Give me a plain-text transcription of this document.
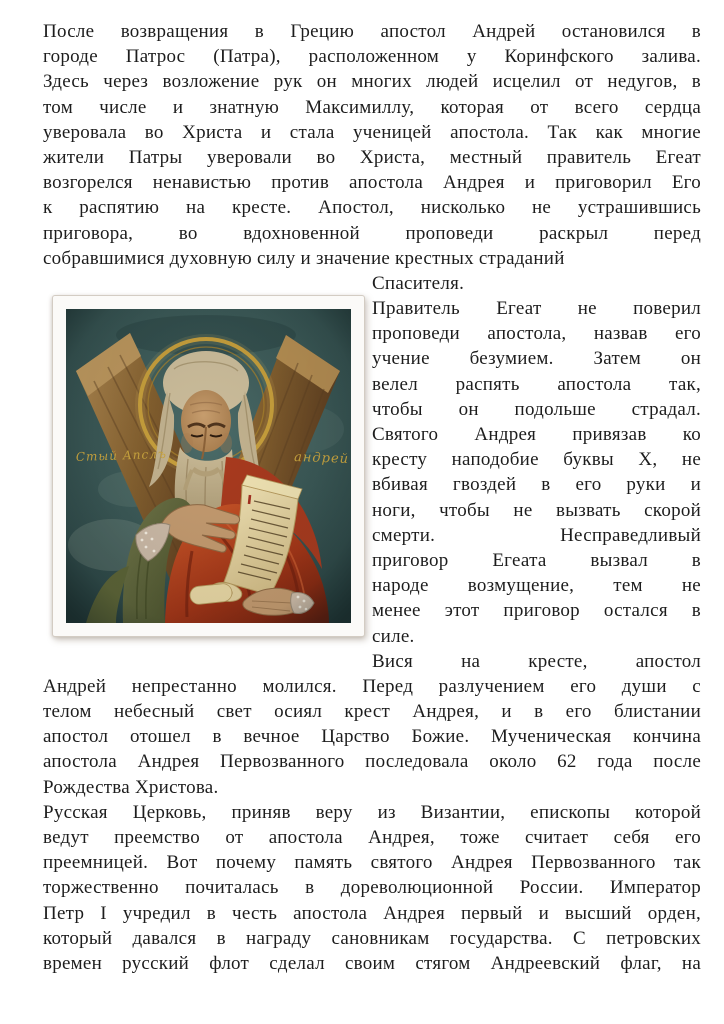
После возвращения в Грецию апостол Андрей остановился в
городе Патрос (Патра), расположенном у Коринфского залива.
Здесь через возложение рук он многих людей исцелил от недугов, в
том числе и знатную Максимиллу, которая от всего сердца
уверовала во Христа и стала ученицей апостола. Так как многие
жители Патры уверовали во Христа, местный правитель Егеат
возгорелся ненавистью против апостола Андрея и приговорил Его
к распятию на кресте. Апостол, нисколько не устрашившись
приговора, во вдохновенной проповеди раскрыл перед
собравшимися духовную силу и значение крестных страданий
Спасителя.
Правитель Егеат не поверил
проповеди апостола, назвав его
учение безумием. Затем он
велел распять апостола так,
чтобы он подольше страдал.
Святого Андрея привязав ко
кресту наподобие буквы Х, не
вбивая гвоздей в его руки и
ноги, чтобы не вызвать скорой
смерти. Несправедливый
приговор Егеата вызвал в
народе возмущение, тем не
менее этот приговор остался в
силе.
Вися на кресте, апостол
Андрей непрестанно молился. Перед разлучением его души с
телом небесный свет осиял крест Андрея, и в его блистании
апостол отошел в вечное Царство Божие. Мученическая кончина
апостола Андрея Первозванного последовала около 62 года после
Рождества Христова.
Русская Церковь, приняв веру из Византии, епископы которой
ведут преемство от апостола Андрея, тоже считает себя его
преемницей. Вот почему память святого Андрея Первозванного так
торжественно почиталась в дореволюционной России. Император
Петр I учредил в честь апостола Андрея первый и высший орден,
который давался в награду сановникам государства. С петровских
времен русский флот сделал своим стягом Андреевский флаг, на
